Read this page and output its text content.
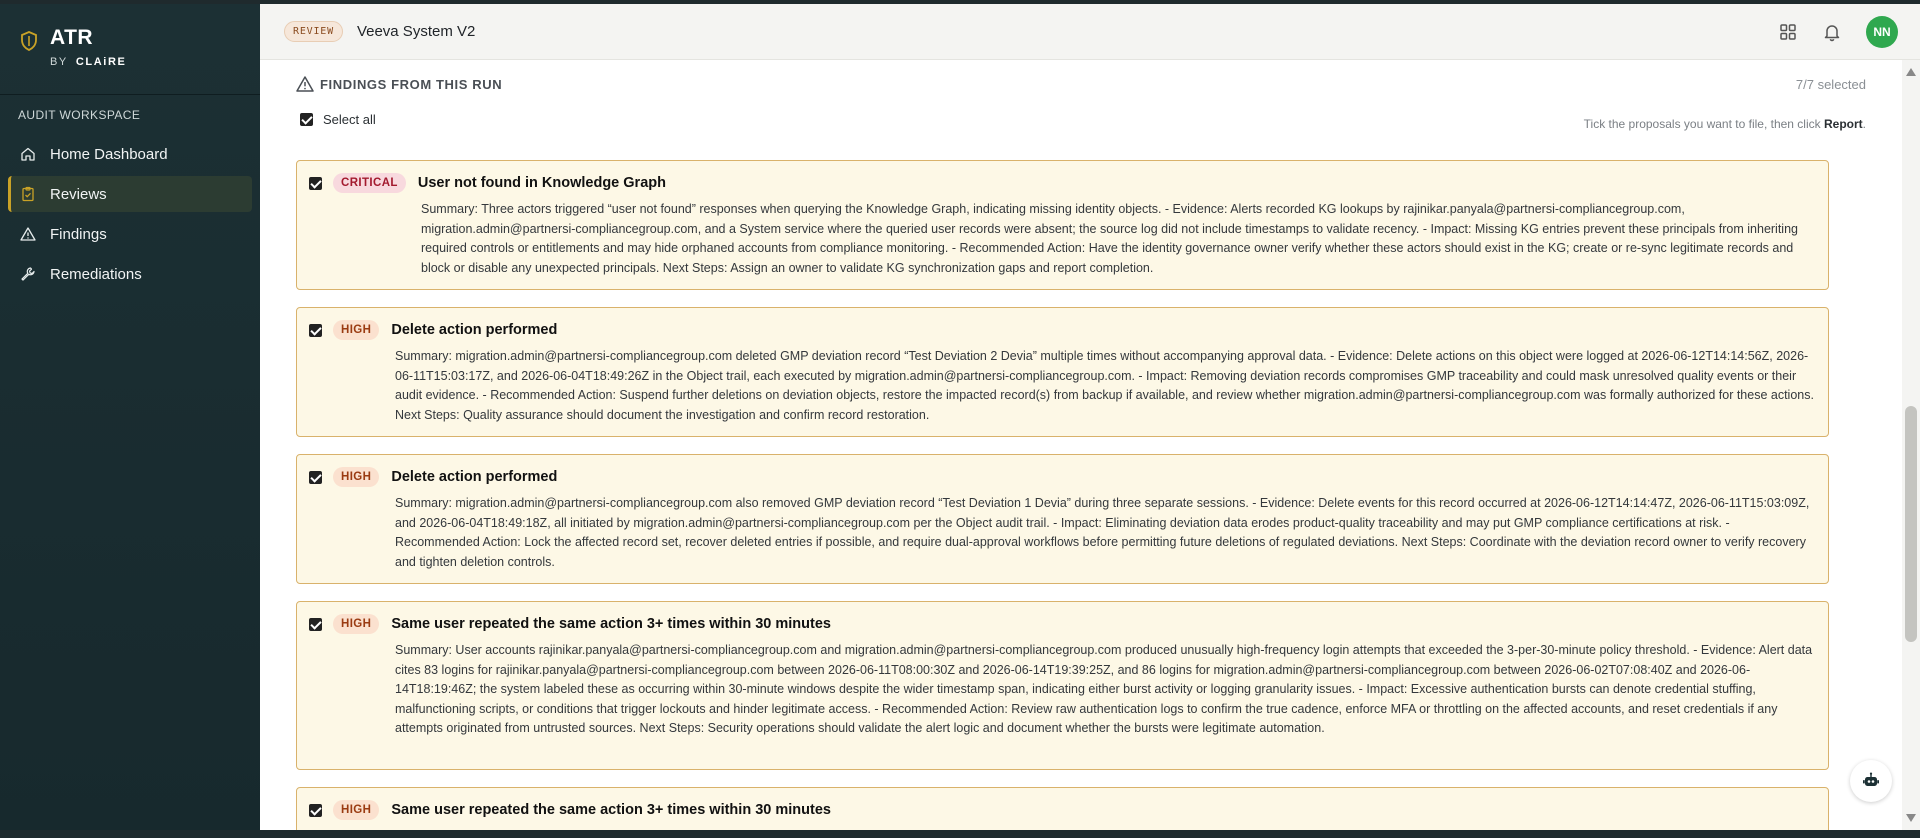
ATR
BY CLAiRE
AUDIT WORKSPACE
Home Dashboard
Reviews
Findings
Remediations
REVIEW	Veeva System V2	NN
FINDINGS FROM THIS RUN	7/7 selected
Select all	Tick the proposals you want to file, then click Report.
CRITICAL	User not found in Knowledge Graph
Summary: Three actors triggered “user not found” responses when querying the Knowledge Graph, indicating missing identity objects. - Evidence: Alerts recorded KG lookups by rajinikar.panyala@partnersi-compliancegroup.com, migration.admin@partnersi-compliancegroup.com, and a System service where the queried user records were absent; the source log did not include timestamps to validate recency. - Impact: Missing KG entries prevent these principals from inheriting required controls or entitlements and may hide orphaned accounts from compliance monitoring. - Recommended Action: Have the identity governance owner verify whether these actors should exist in the KG; create or re-sync legitimate records and block or disable any unexpected principals. Next Steps: Assign an owner to validate KG synchronization gaps and report completion.
HIGH	Delete action performed
Summary: migration.admin@partnersi-compliancegroup.com deleted GMP deviation record “Test Deviation 2 Devia” multiple times without accompanying approval data. - Evidence: Delete actions on this object were logged at 2026-06-12T14:14:56Z, 2026-06-11T15:03:17Z, and 2026-06-04T18:49:26Z in the Object trail, each executed by migration.admin@partnersi-compliancegroup.com. - Impact: Removing deviation records compromises GMP traceability and could mask unresolved quality events or their audit evidence. - Recommended Action: Suspend further deletions on deviation objects, restore the impacted record(s) from backup if available, and review whether migration.admin@partnersi-compliancegroup.com was formally authorized for these actions. Next Steps: Quality assurance should document the investigation and confirm record restoration.
HIGH	Delete action performed
Summary: migration.admin@partnersi-compliancegroup.com also removed GMP deviation record “Test Deviation 1 Devia” during three separate sessions. - Evidence: Delete events for this record occurred at 2026-06-12T14:14:47Z, 2026-06-11T15:03:09Z, and 2026-06-04T18:49:18Z, all initiated by migration.admin@partnersi-compliancegroup.com per the Object audit trail. - Impact: Eliminating deviation data erodes product-quality traceability and may put GMP compliance certifications at risk. - Recommended Action: Lock the affected record set, recover deleted entries if possible, and require dual-approval workflows before permitting future deletions of regulated deviations. Next Steps: Coordinate with the deviation record owner to verify recovery and tighten deletion controls.
HIGH	Same user repeated the same action 3+ times within 30 minutes
Summary: User accounts rajinikar.panyala@partnersi-compliancegroup.com and migration.admin@partnersi-compliancegroup.com produced unusually high-frequency login attempts that exceeded the 3-per-30-minute policy threshold. - Evidence: Alert data cites 83 logins for rajinikar.panyala@partnersi-compliancegroup.com between 2026-06-11T08:00:30Z and 2026-06-14T19:39:25Z, and 86 logins for migration.admin@partnersi-compliancegroup.com between 2026-06-02T07:08:40Z and 2026-06-14T18:19:46Z; the system labeled these as occurring within 30-minute windows despite the wider timestamp span, indicating either burst activity or logging granularity issues. - Impact: Excessive authentication bursts can denote credential stuffing, malfunctioning scripts, or conditions that trigger lockouts and hinder legitimate access. - Recommended Action: Review raw authentication logs to confirm the true cadence, enforce MFA or throttling on the affected accounts, and reset credentials if any attempts originated from untrusted sources. Next Steps: Security operations should validate the alert logic and document whether the bursts were legitimate automation.
HIGH	Same user repeated the same action 3+ times within 30 minutes
